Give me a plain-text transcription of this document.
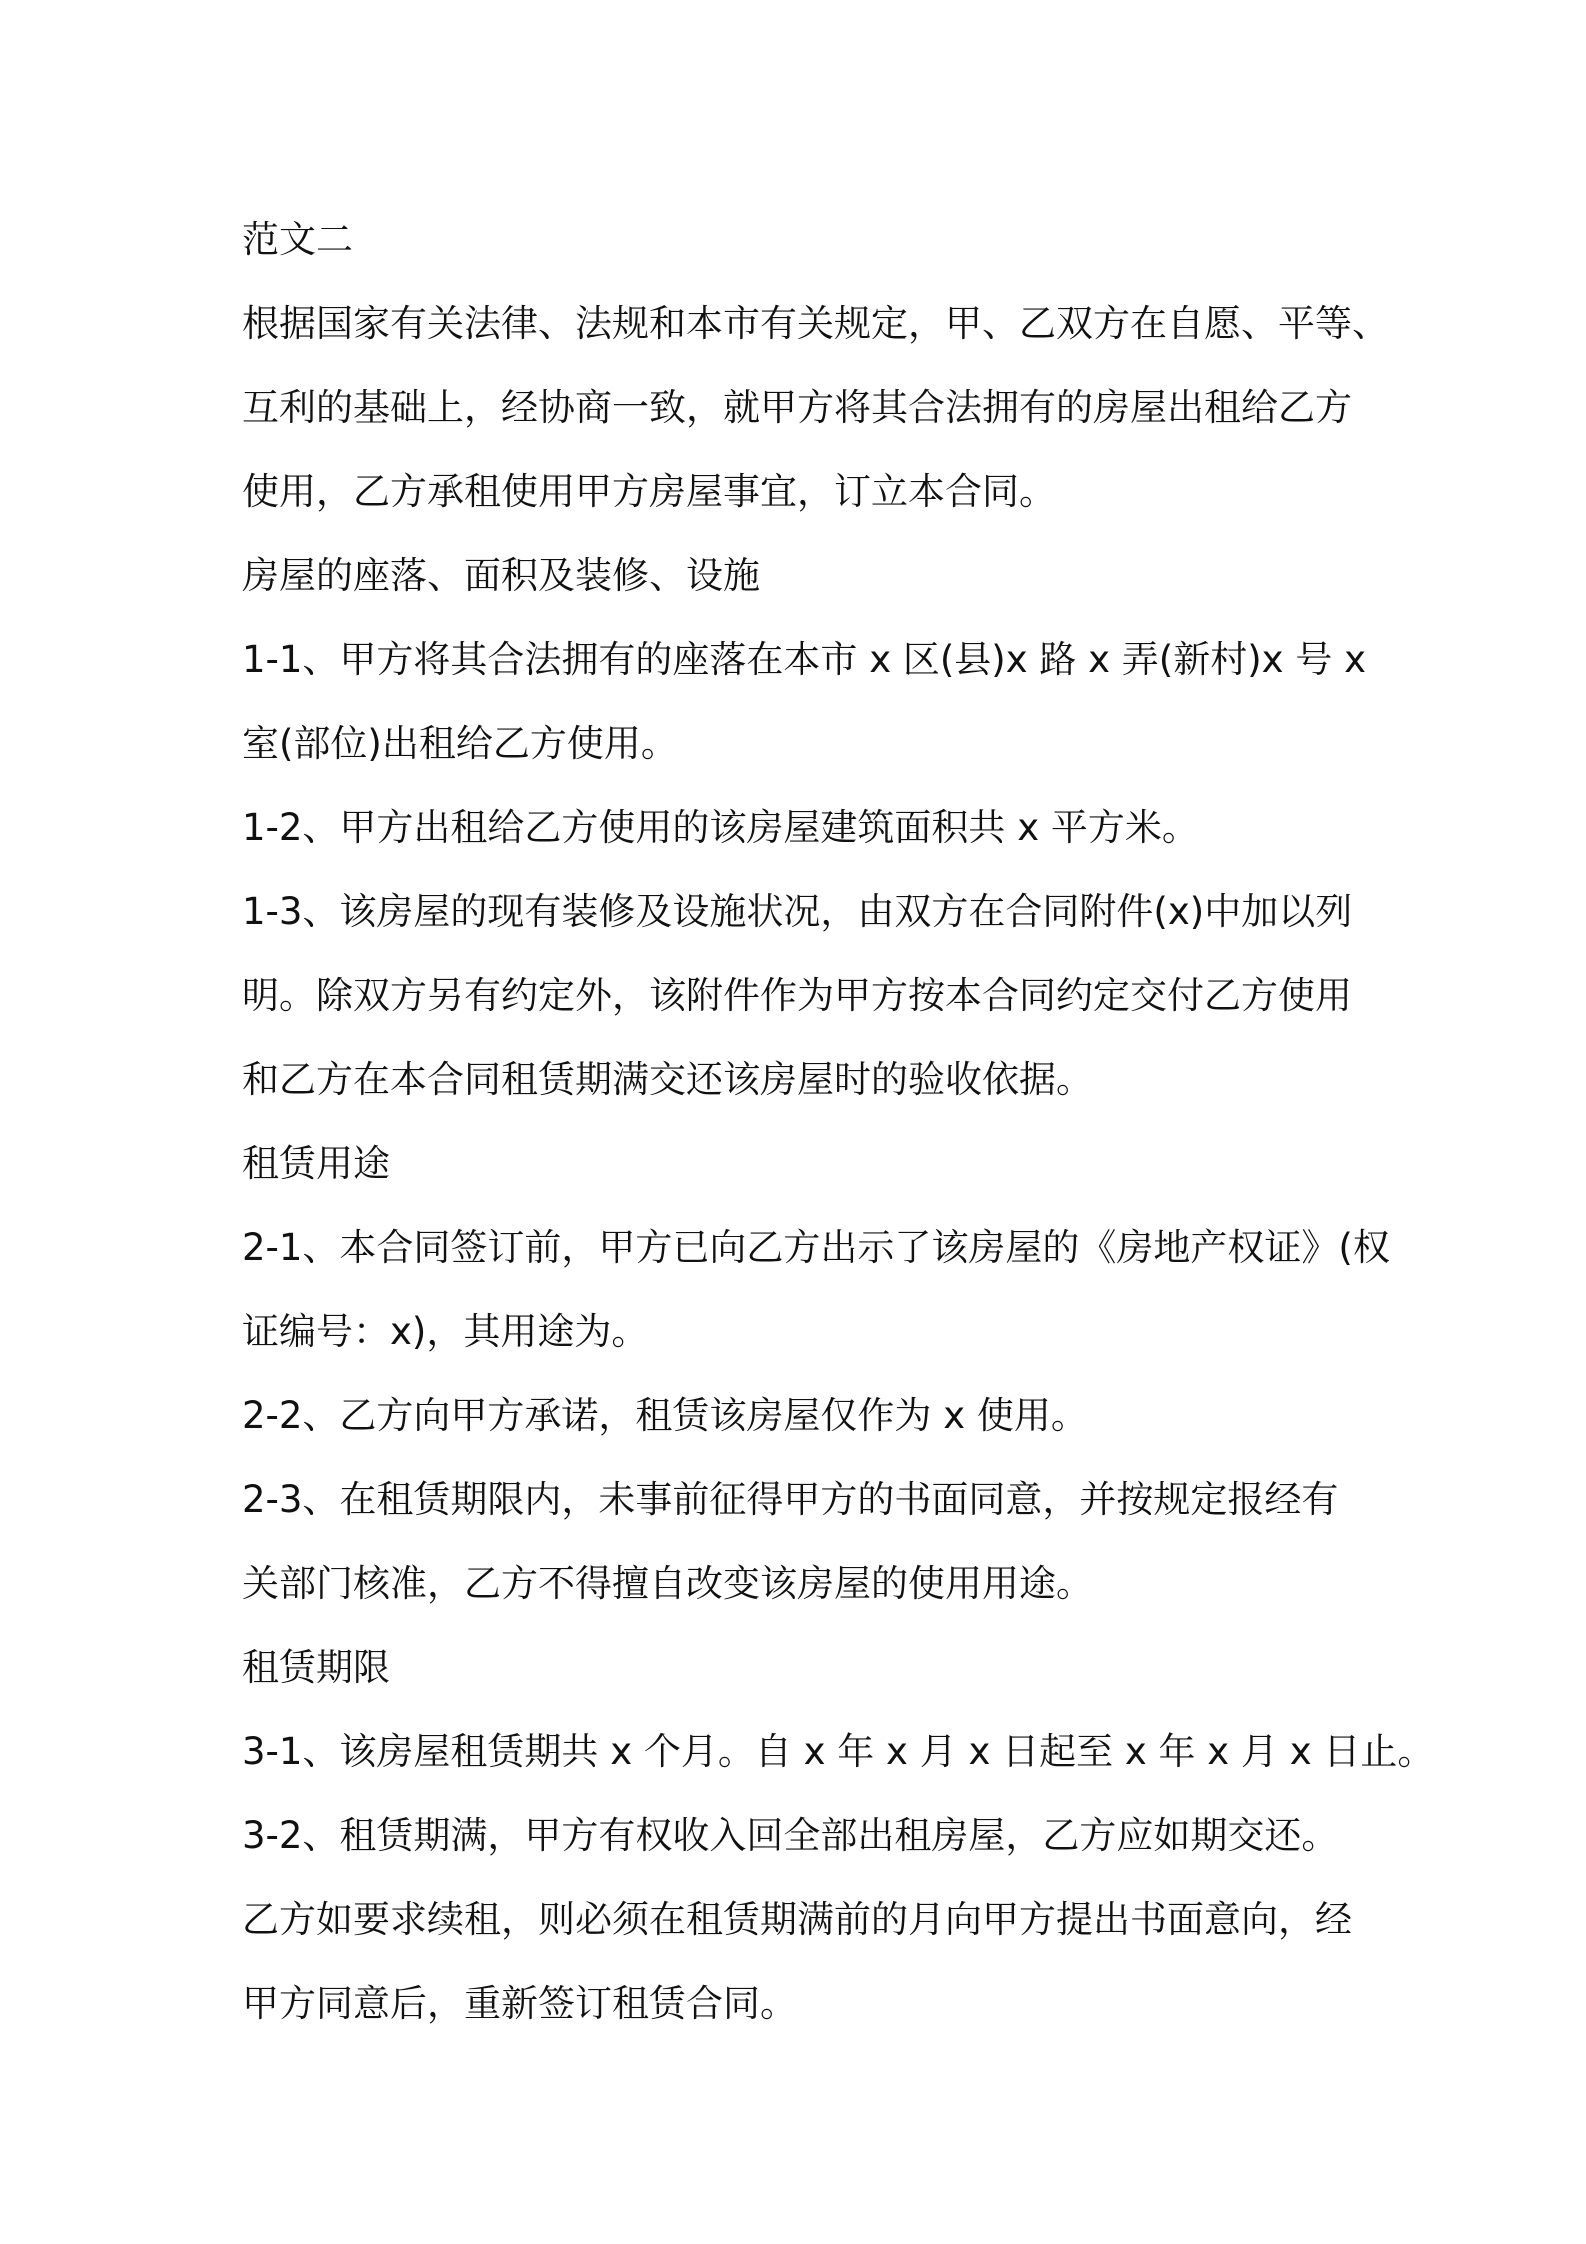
范文二

根据国家有关法律、法规和本市有关规定，甲、乙双方在自愿、平等、

互利的基础上，经协商一致，就甲方将其合法拥有的房屋出租给乙方

使用，乙方承租使用甲方房屋事宜，订立本合同。

房屋的座落、面积及装修、设施

1-1、甲方将其合法拥有的座落在本市 x 区(县)x 路 x 弄(新村)x 号 x

室(部位)出租给乙方使用。

1-2、甲方出租给乙方使用的该房屋建筑面积共 x 平方米。

1-3、该房屋的现有装修及设施状况，由双方在合同附件(x)中加以列

明。除双方另有约定外，该附件作为甲方按本合同约定交付乙方使用

和乙方在本合同租赁期满交还该房屋时的验收依据。

租赁用途

2-1、本合同签订前，甲方已向乙方出示了该房屋的《房地产权证》(权

证编号：x)，其用途为。

2-2、乙方向甲方承诺，租赁该房屋仅作为 x 使用。

2-3、在租赁期限内，未事前征得甲方的书面同意，并按规定报经有

关部门核准，乙方不得擅自改变该房屋的使用用途。

租赁期限

3-1、该房屋租赁期共 x 个月。自 x 年 x 月 x 日起至 x 年 x 月 x 日止。

3-2、租赁期满，甲方有权收入回全部出租房屋，乙方应如期交还。

乙方如要求续租，则必须在租赁期满前的月向甲方提出书面意向，经

甲方同意后，重新签订租赁合同。
